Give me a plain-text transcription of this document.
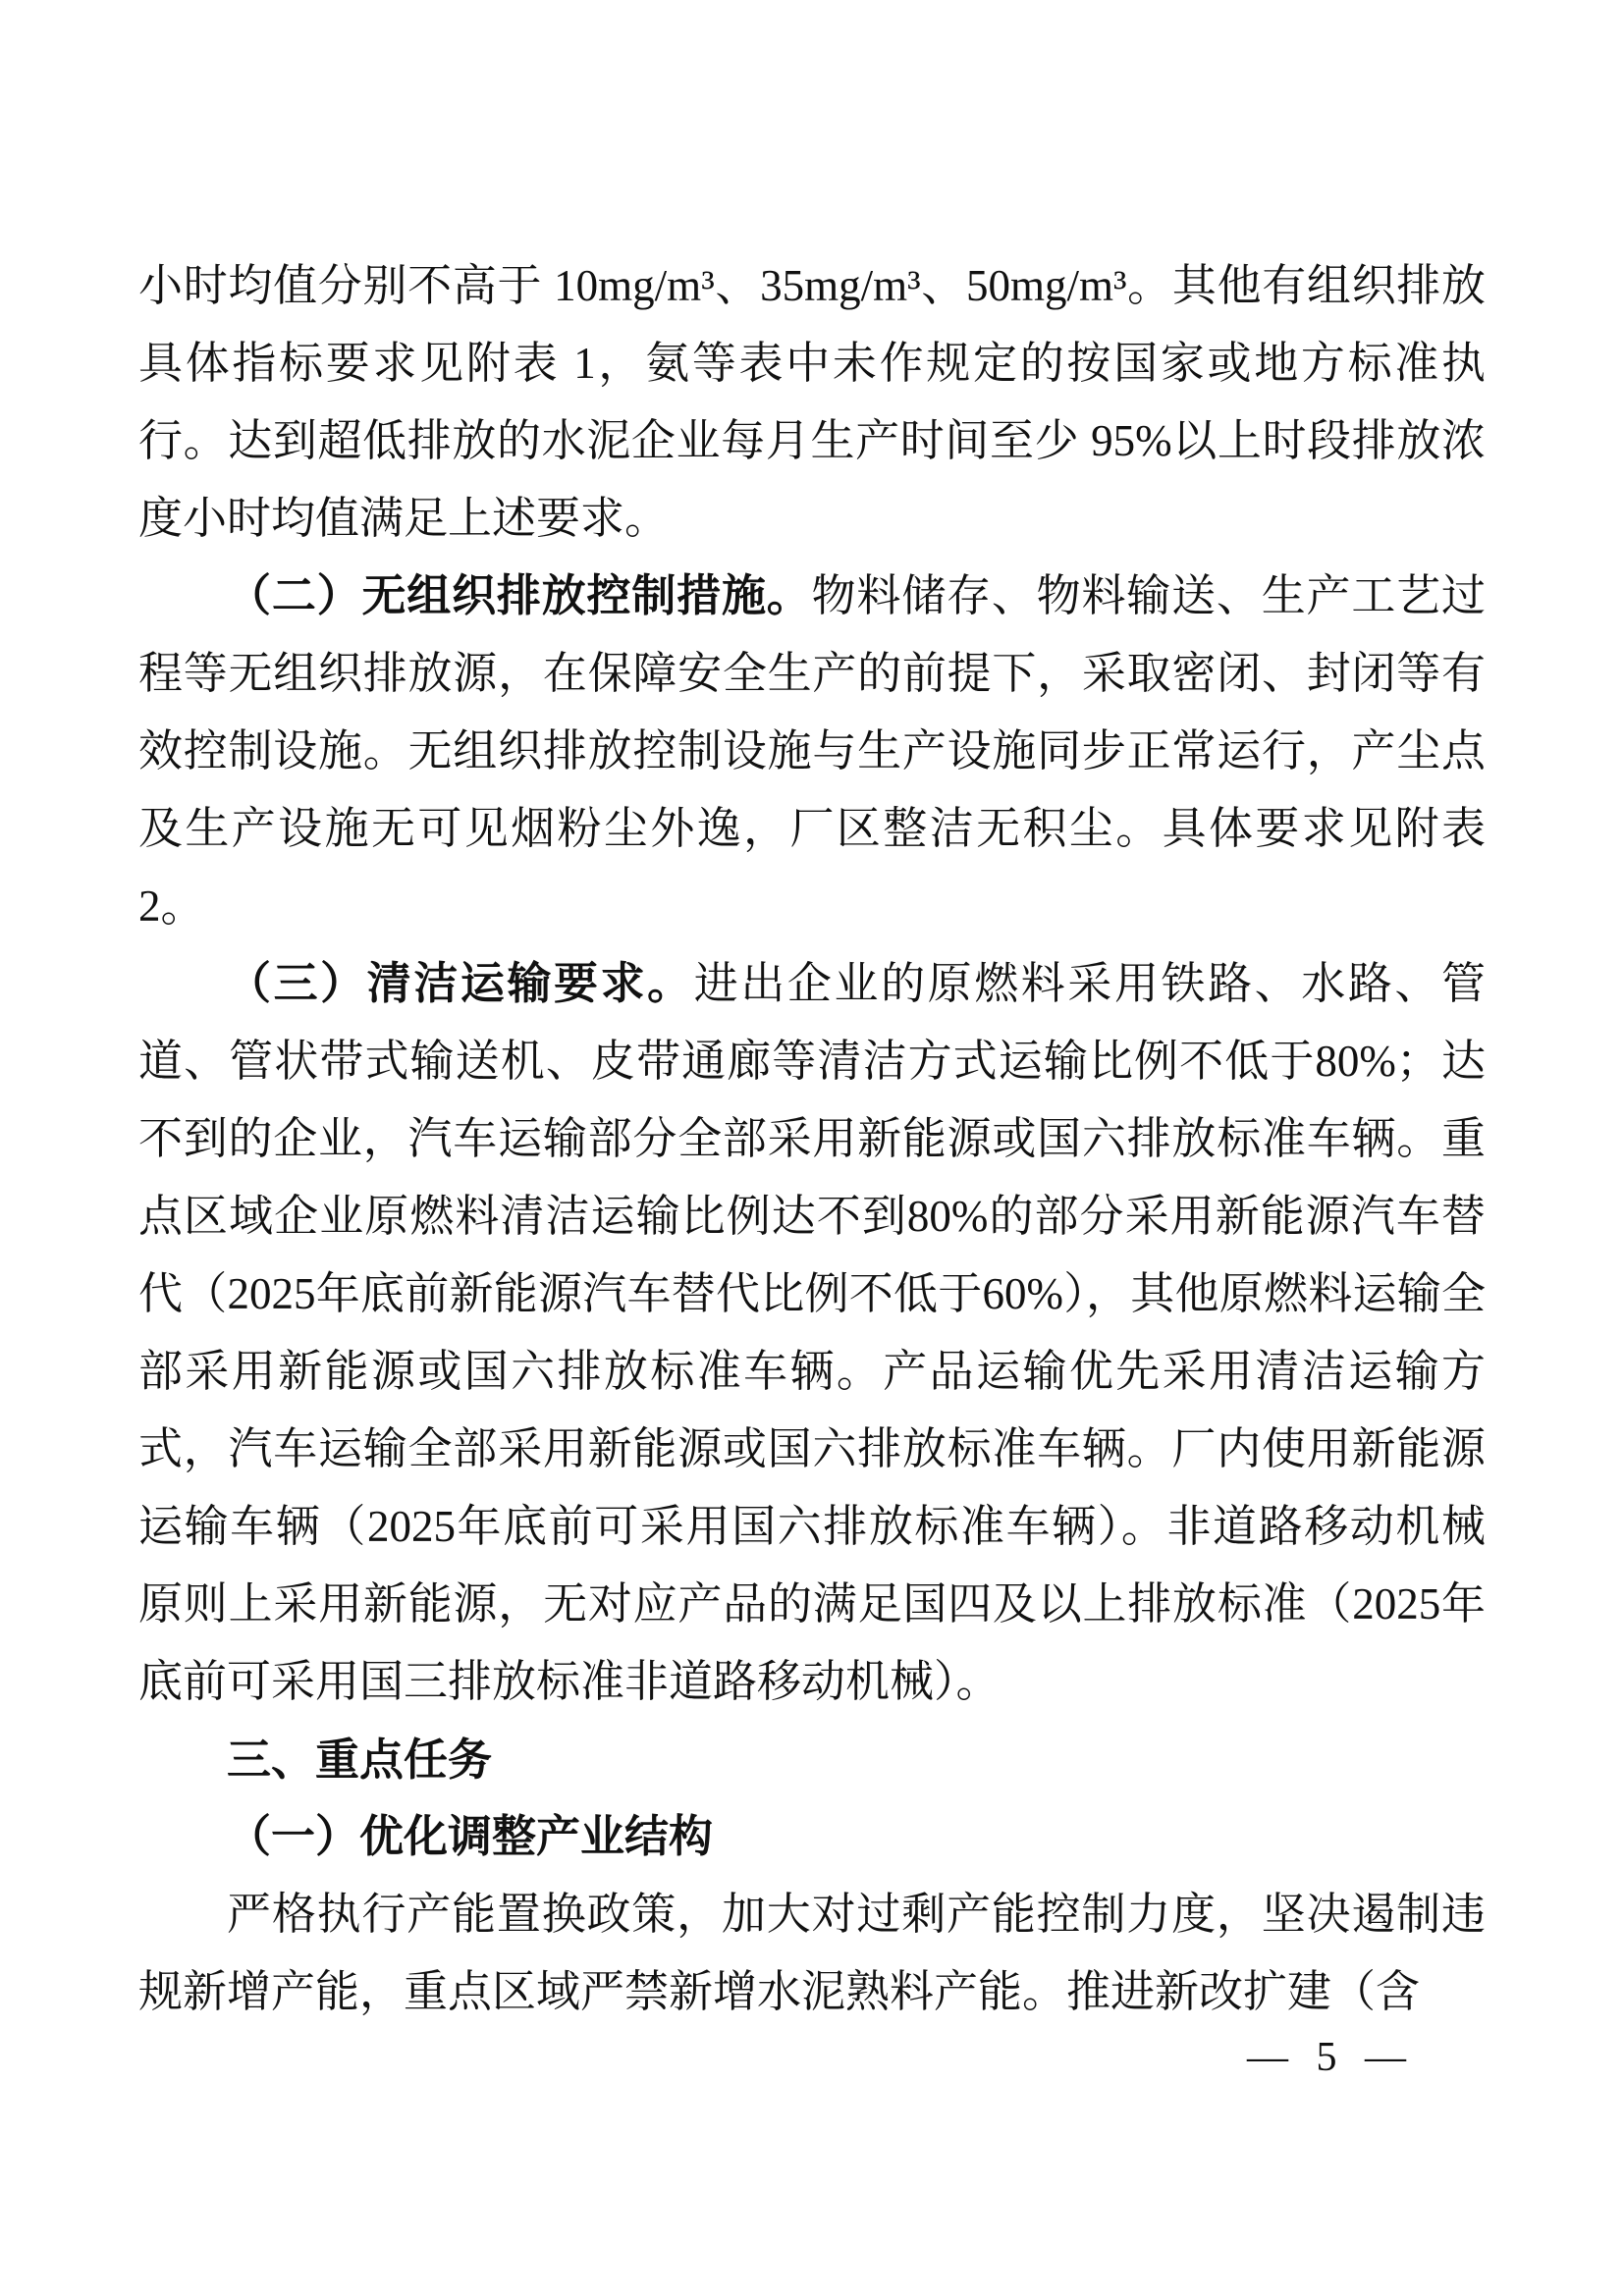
小时均值分别不高于 10mg/m³、35mg/m³、50mg/m³。其他有组织排放具体指标要求见附表 1，氨等表中未作规定的按国家或地方标准执行。达到超低排放的水泥企业每月生产时间至少 95%以上时段排放浓度小时均值满足上述要求。
（二）无组织排放控制措施。物料储存、物料输送、生产工艺过程等无组织排放源，在保障安全生产的前提下，采取密闭、封闭等有效控制设施。无组织排放控制设施与生产设施同步正常运行，产尘点及生产设施无可见烟粉尘外逸，厂区整洁无积尘。具体要求见附表2。
（三）清洁运输要求。进出企业的原燃料采用铁路、水路、管道、管状带式输送机、皮带通廊等清洁方式运输比例不低于80%；达不到的企业，汽车运输部分全部采用新能源或国六排放标准车辆。重点区域企业原燃料清洁运输比例达不到80%的部分采用新能源汽车替代（2025年底前新能源汽车替代比例不低于60%），其他原燃料运输全部采用新能源或国六排放标准车辆。产品运输优先采用清洁运输方式，汽车运输全部采用新能源或国六排放标准车辆。厂内使用新能源运输车辆（2025年底前可采用国六排放标准车辆）。非道路移动机械原则上采用新能源，无对应产品的满足国四及以上排放标准（2025年底前可采用国三排放标准非道路移动机械）。
三、重点任务
（一）优化调整产业结构
严格执行产能置换政策，加大对过剩产能控制力度，坚决遏制违规新增产能，重点区域严禁新增水泥熟料产能。推进新改扩建（含
— 5 —
